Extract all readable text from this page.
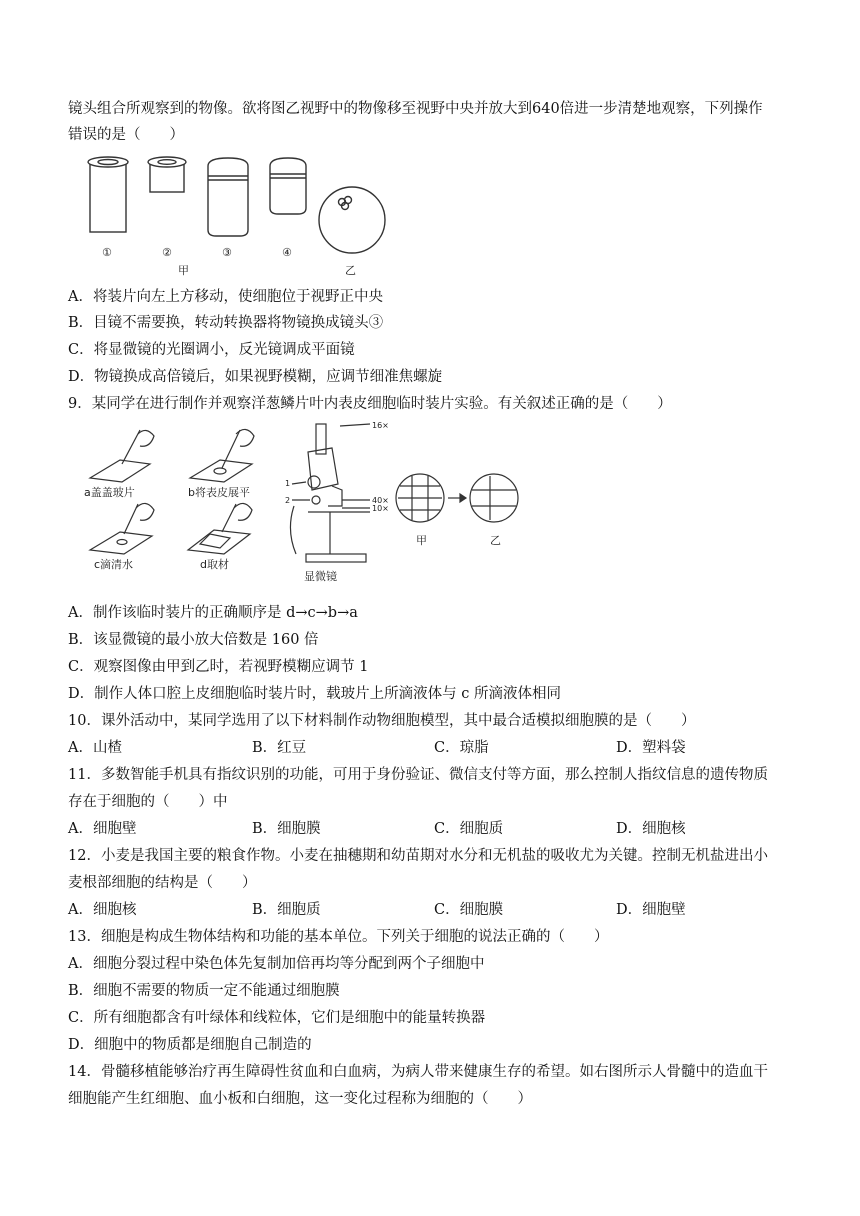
镜头组合所观察到的物像。欲将图乙视野中的物像移至视野中央并放大到640倍进一步清楚地观察，下列操作
错误的是（　　）
①	②	③	④
甲	乙
A．将装片向左上方移动，使细胞位于视野正中央
B．目镜不需要换，转动转换器将物镜换成镜头③
C．将显微镜的光圈调小，反光镜调成平面镜
D．物镜换成高倍镜后，如果视野模糊，应调节细准焦螺旋
9．某同学在进行制作并观察洋葱鳞片叶内表皮细胞临时装片实验。有关叙述正确的是（　　）
a盖盖玻片	b将表皮展平
c滴清水	d取材
显微镜
16×
40×
10×
1
2
甲	乙
A．制作该临时装片的正确顺序是 d→c→b→a
B．该显微镜的最小放大倍数是 160 倍
C．观察图像由甲到乙时，若视野模糊应调节 1
D．制作人体口腔上皮细胞临时装片时，载玻片上所滴液体与 c 所滴液体相同
10．课外活动中，某同学选用了以下材料制作动物细胞模型，其中最合适模拟细胞膜的是（　　）
A．山楂	B．红豆	C．琼脂	D．塑料袋
11．多数智能手机具有指纹识别的功能，可用于身份验证、微信支付等方面，那么控制人指纹信息的遗传物质
存在于细胞的（　　）中
A．细胞壁	B．细胞膜	C．细胞质	D．细胞核
12．小麦是我国主要的粮食作物。小麦在抽穗期和幼苗期对水分和无机盐的吸收尤为关键。控制无机盐进出小
麦根部细胞的结构是（　　）
A．细胞核	B．细胞质	C．细胞膜	D．细胞壁
13．细胞是构成生物体结构和功能的基本单位。下列关于细胞的说法正确的（　　）
A．细胞分裂过程中染色体先复制加倍再均等分配到两个子细胞中
B．细胞不需要的物质一定不能通过细胞膜
C．所有细胞都含有叶绿体和线粒体，它们是细胞中的能量转换器
D．细胞中的物质都是细胞自己制造的
14．骨髓移植能够治疗再生障碍性贫血和白血病，为病人带来健康生存的希望。如右图所示人骨髓中的造血干
细胞能产生红细胞、血小板和白细胞，这一变化过程称为细胞的（　　）
